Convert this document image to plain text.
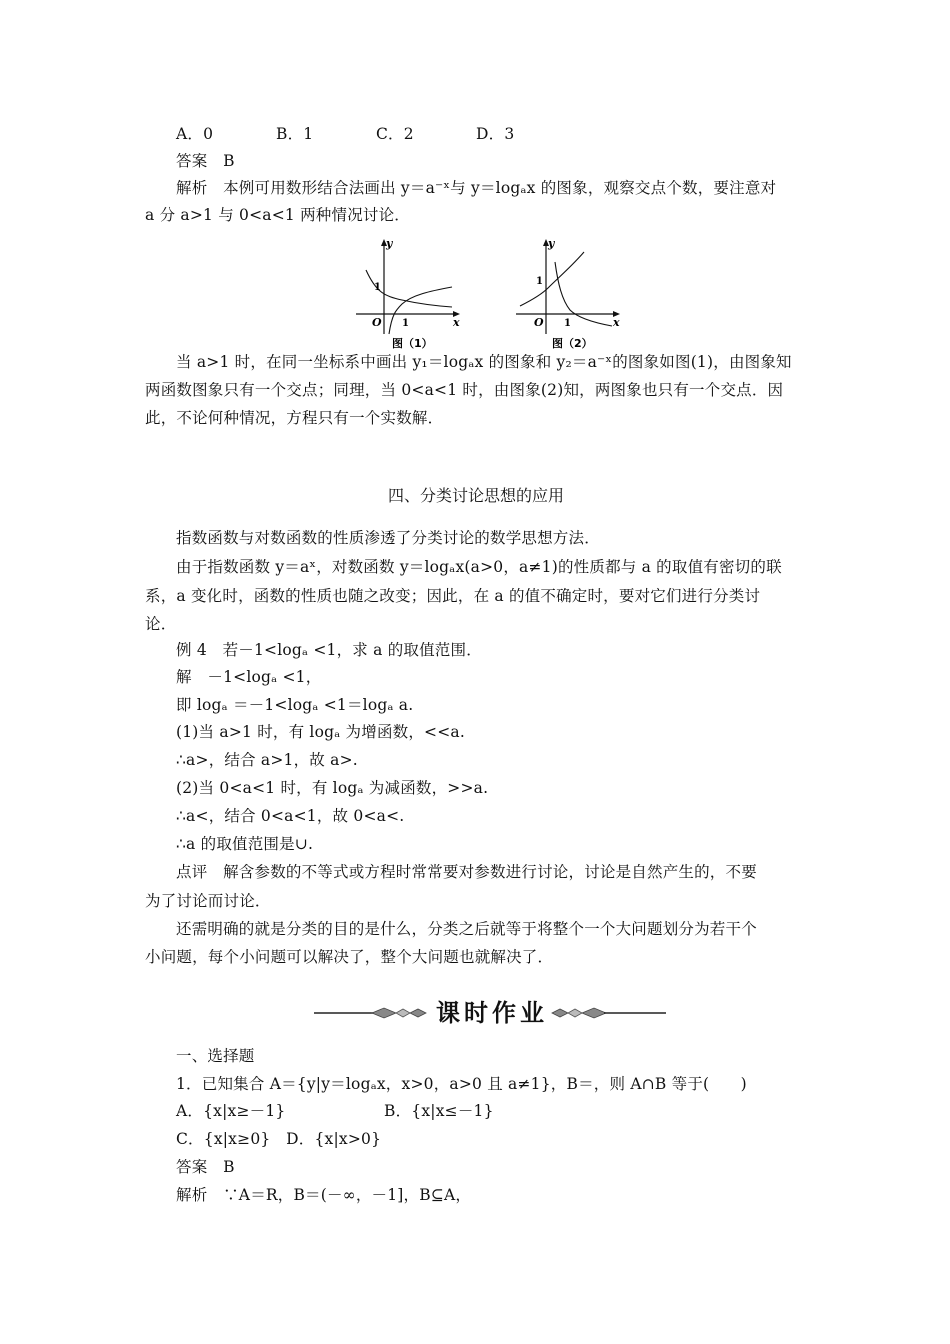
A．0	B．1	C．2	D．3
答案　B
解析　本例可用数形结合法画出 y＝a⁻ˣ与 y＝logₐx 的图象，观察交点个数，要注意对
a 分 a>1 与 0<a<1 两种情况讨论．
y
x
O
1
1
图（1）
y
x
O
1
1
图（2）
当 a>1 时，在同一坐标系中画出 y₁＝logₐx 的图象和 y₂＝a⁻ˣ的图象如图(1)，由图象知
两函数图象只有一个交点；同理，当 0<a<1 时，由图象(2)知，两图象也只有一个交点．因
此，不论何种情况，方程只有一个实数解．
四、分类讨论思想的应用
指数函数与对数函数的性质渗透了分类讨论的数学思想方法．
由于指数函数 y＝aˣ，对数函数 y＝logₐx(a>0，a≠1)的性质都与 a 的取值有密切的联
系，a 变化时，函数的性质也随之改变；因此，在 a 的值不确定时，要对它们进行分类讨
论．
例 4　若－1<logₐ <1，求 a 的取值范围．
解　－1<logₐ <1，
即 logₐ ＝－1<logₐ <1＝logₐ a.
(1)当 a>1 时，有 logₐ 为增函数，<<a.
∴a>，结合 a>1，故 a>.
(2)当 0<a<1 时，有 logₐ 为减函数，>>a.
∴a<，结合 0<a<1，故 0<a<.
∴a 的取值范围是∪.
点评　解含参数的不等式或方程时常常要对参数进行讨论，讨论是自然产生的，不要
为了讨论而讨论．
还需明确的就是分类的目的是什么，分类之后就等于将整个一个大问题划分为若干个
小问题，每个小问题可以解决了，整个大问题也就解决了．
课时作业
一、选择题
1．已知集合 A＝{y|y＝logₐx，x>0，a>0 且 a≠1}，B＝，则 A∩B 等于(　　)
A．{x|x≥－1}	B．{x|x≤－1}
C．{x|x≥0}　D．{x|x>0}
答案　B
解析　∵A＝R，B＝(－∞，－1]，B⊆A，
